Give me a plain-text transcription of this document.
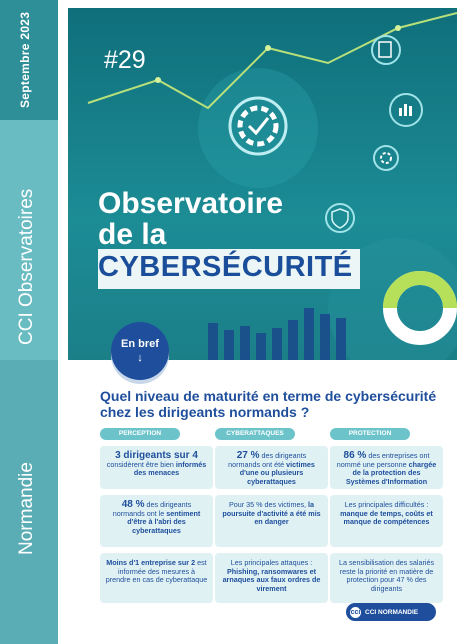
Septembre 2023
CCI Observatoires
Normandie
#29
Observatoire
de la
CYBERSÉCURITÉ
En bref
↓
Quel niveau de maturité en terme de cybersécurité chez les dirigeants normands ?
PERCEPTION
3 dirigeants sur 4 considèrent être bien informés des menaces
48 % des dirigeants normands ont le sentiment d'être à l'abri des cyberattaques
Moins d'1 entreprise sur 2 est informée des mesures à prendre en cas de cyberattaque
CYBERATTAQUES
27 % des dirigeants normands ont été victimes d'une ou plusieurs cyberattaques
Pour 35 % des victimes, la poursuite d'activité a été mis en danger
Les principales attaques : Phishing, ransomwares et arnaques aux faux ordres de virement
PROTECTION
86 % des entreprises ont nommé une personne chargée de la protection des Systèmes d'Information
Les principales difficultés : manque de temps, coûts et manque de compétences
La sensibilisation des salariés reste la priorité en matière de protection pour 47 % des dirigeants
cci CCI NORMANDIE
